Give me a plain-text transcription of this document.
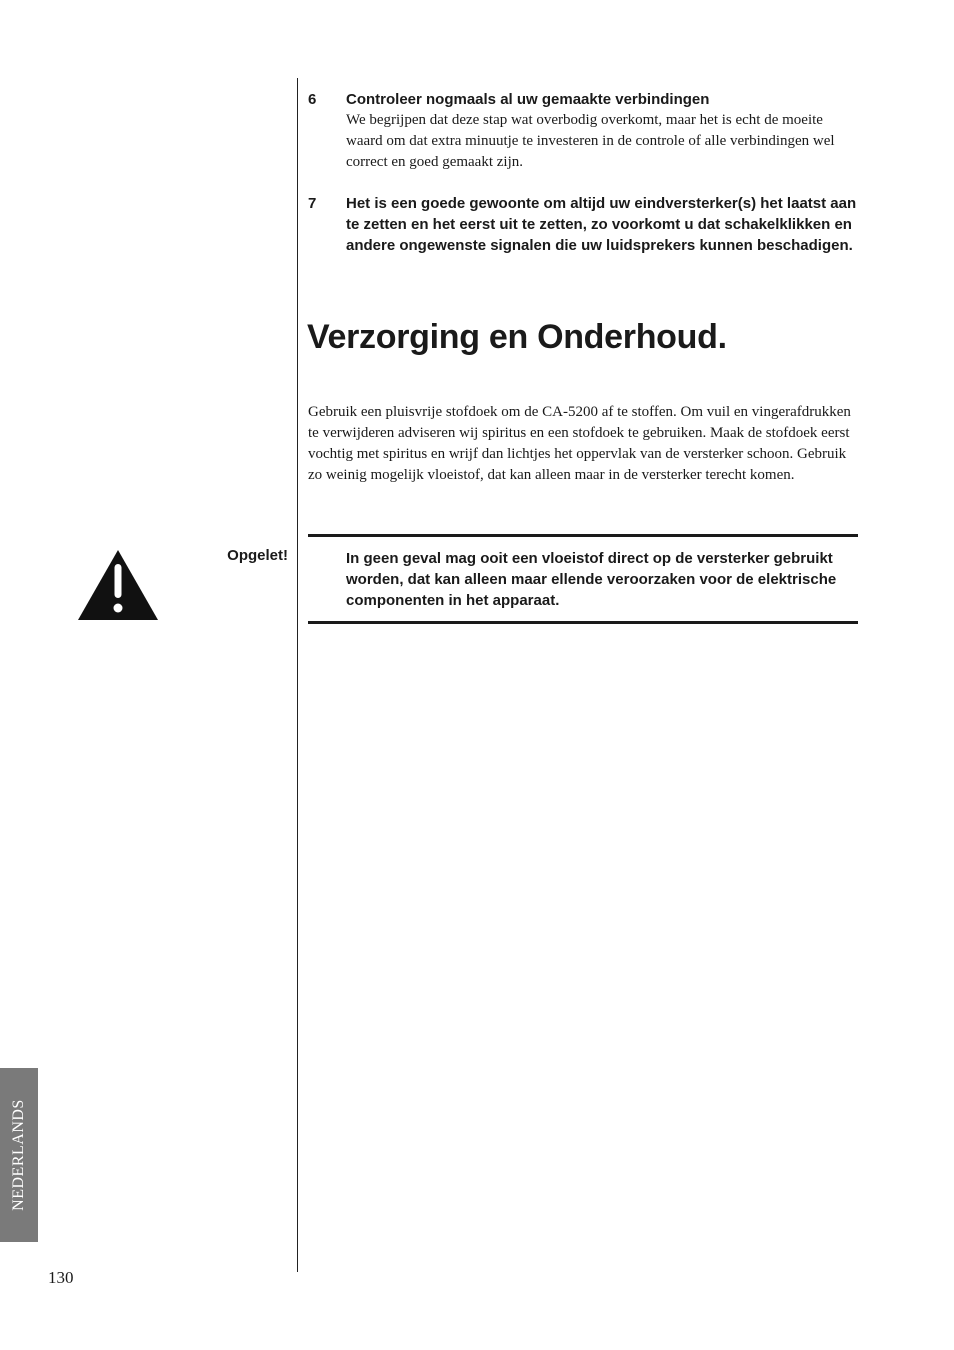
6 Controleer nogmaals al uw gemaakte verbindingen
We begrijpen dat deze stap wat overbodig overkomt, maar het is echt de moeite waard om dat extra minuutje te investeren in de controle of alle verbindingen wel correct en goed gemaakt zijn.
7 Het is een goede gewoonte om altijd uw eindversterker(s) het laatst aan te zetten en het eerst uit te zetten, zo voorkomt u dat schakelklikken en andere ongewenste signalen die uw luidsprekers kunnen beschadigen.
Verzorging en Onderhoud.

Gebruik een pluisvrije stofdoek om de CA-5200 af te stoffen. Om vuil en vingerafdrukken te verwijderen adviseren wij spiritus en een stofdoek te gebruiken. Maak de stofdoek eerst vochtig met spiritus en wrijf dan lichtjes het oppervlak van de versterker schoon. Gebruik zo weinig mogelijk vloeistof, dat kan alleen maar in de versterker terecht komen.

Opgelet!	In geen geval mag ooit een vloeistof direct op de versterker gebruikt worden, dat kan alleen maar ellende veroorzaken voor de elektrische componenten in het apparaat.

NEDERLANDS
130
